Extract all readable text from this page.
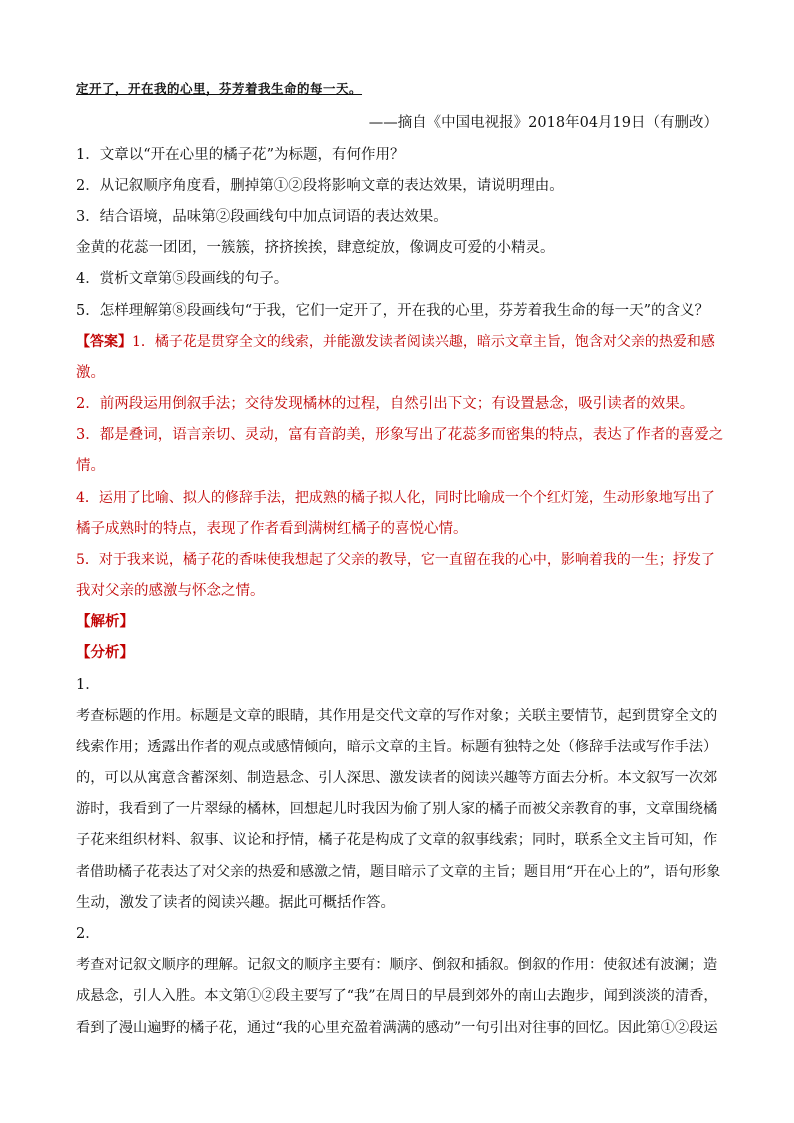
定开了，开在我的心里，芬芳着我生命的每一天。
——摘自《中国电视报》2018年04月19日（有删改）
1．文章以“开在心里的橘子花”为标题，有何作用？
2．从记叙顺序角度看，删掉第①②段将影响文章的表达效果，请说明理由。
3．结合语境，品味第②段画线句中加点词语的表达效果。
金黄的花蕊一团团，一簇簇，挤挤挨挨，肆意绽放，像调皮可爱的小精灵。
4．赏析文章第⑤段画线的句子。
5．怎样理解第⑧段画线句“于我，它们一定开了，开在我的心里，芬芳着我生命的每一天”的含义？
【答案】1．橘子花是贯穿全文的线索，并能激发读者阅读兴趣，暗示文章主旨，饱含对父亲的热爱和感
激。
2．前两段运用倒叙手法；交待发现橘林的过程，自然引出下文；有设置悬念，吸引读者的效果。
3．都是叠词，语言亲切、灵动，富有音韵美，形象写出了花蕊多而密集的特点，表达了作者的喜爱之
情。
4．运用了比喻、拟人的修辞手法，把成熟的橘子拟人化，同时比喻成一个个红灯笼，生动形象地写出了
橘子成熟时的特点，表现了作者看到满树红橘子的喜悦心情。
5．对于我来说，橘子花的香味使我想起了父亲的教导，它一直留在我的心中，影响着我的一生；抒发了
我对父亲的感激与怀念之情。
【解析】
【分析】
1．
考查标题的作用。标题是文章的眼睛，其作用是交代文章的写作对象；关联主要情节，起到贯穿全文的
线索作用；透露出作者的观点或感情倾向，暗示文章的主旨。标题有独特之处（修辞手法或写作手法）
的，可以从寓意含蓄深刻、制造悬念、引人深思、激发读者的阅读兴趣等方面去分析。本文叙写一次郊
游时，我看到了一片翠绿的橘林，回想起儿时我因为偷了别人家的橘子而被父亲教育的事，文章围绕橘
子花来组织材料、叙事、议论和抒情，橘子花是构成了文章的叙事线索；同时，联系全文主旨可知，作
者借助橘子花表达了对父亲的热爱和感激之情，题目暗示了文章的主旨；题目用“开在心上的”，语句形象
生动，激发了读者的阅读兴趣。据此可概括作答。
2．
考查对记叙文顺序的理解。记叙文的顺序主要有：顺序、倒叙和插叙。倒叙的作用：使叙述有波澜；造
成悬念，引人入胜。本文第①②段主要写了“我”在周日的早晨到郊外的南山去跑步，闻到淡淡的清香，
看到了漫山遍野的橘子花，通过“我的心里充盈着满满的感动”一句引出对往事的回忆。因此第①②段运
